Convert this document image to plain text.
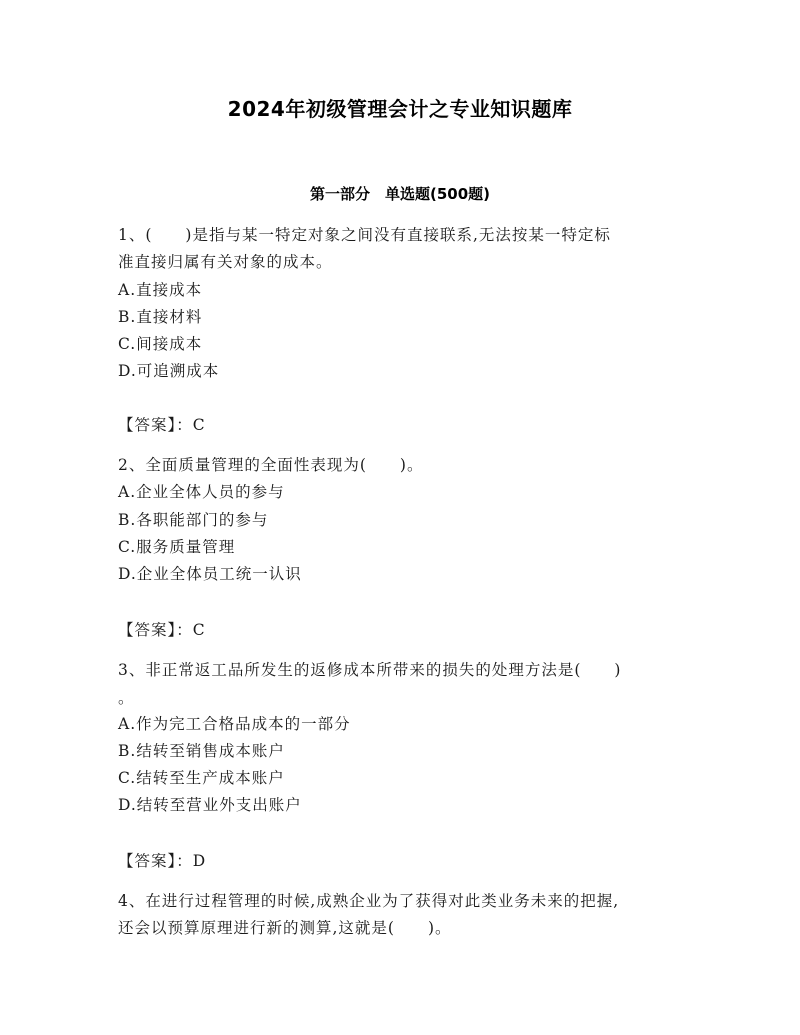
2024年初级管理会计之专业知识题库
第一部分　单选题(500题)
1、(　　)是指与某一特定对象之间没有直接联系,无法按某一特定标
准直接归属有关对象的成本。
A.直接成本
B.直接材料
C.间接成本
D.可追溯成本
【答案】：C
2、全面质量管理的全面性表现为(　　)。
A.企业全体人员的参与
B.各职能部门的参与
C.服务质量管理
D.企业全体员工统一认识
【答案】：C
3、非正常返工品所发生的返修成本所带来的损失的处理方法是(　　)
。
A.作为完工合格品成本的一部分
B.结转至销售成本账户
C.结转至生产成本账户
D.结转至营业外支出账户
【答案】：D
4、在进行过程管理的时候,成熟企业为了获得对此类业务未来的把握,
还会以预算原理进行新的测算,这就是(　　)。
